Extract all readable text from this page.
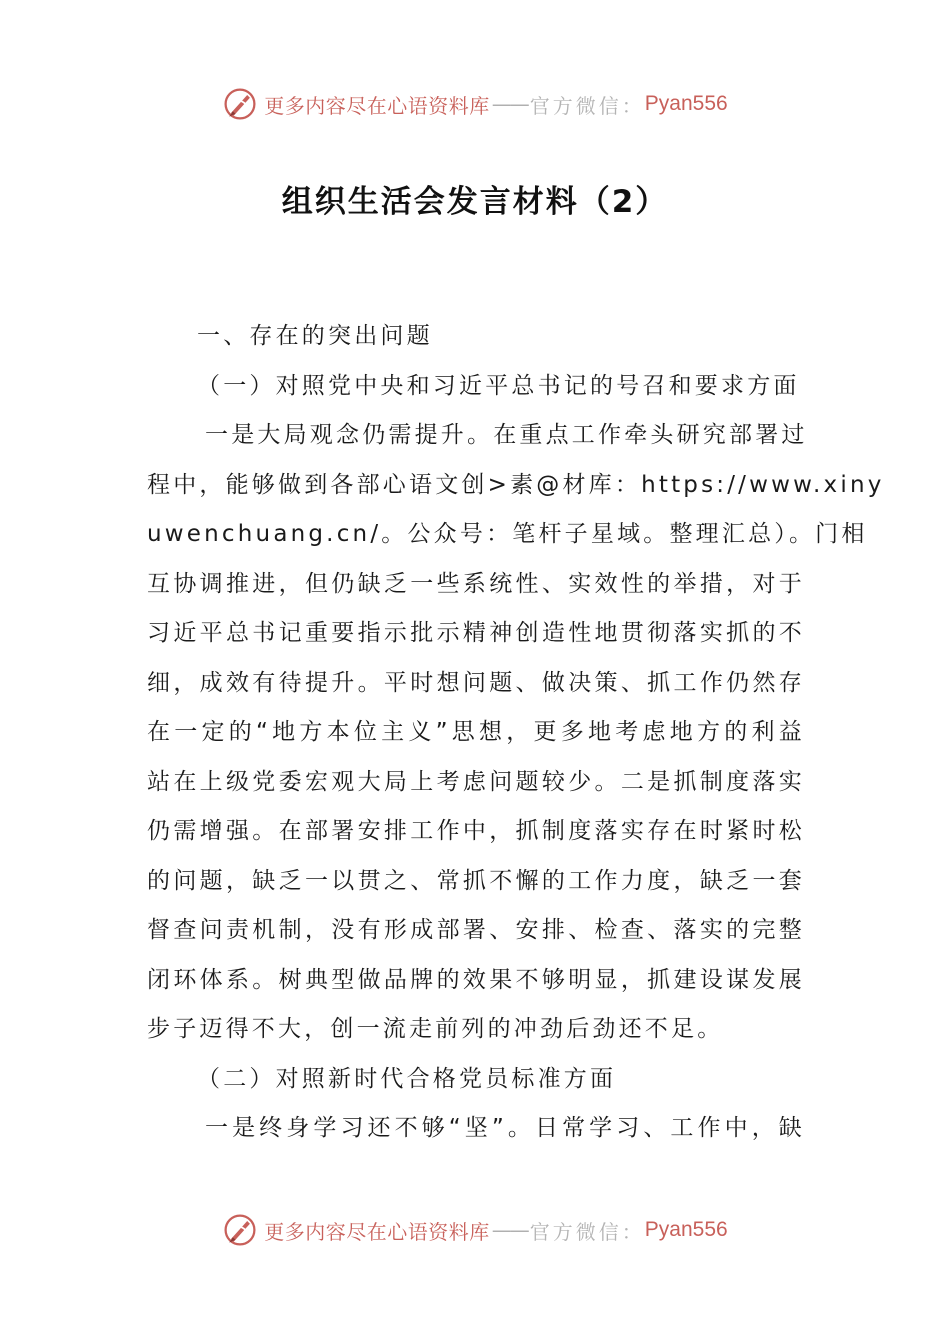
更多内容尽在心语资料库 —— 官方微信： Pyan556
组织生活会发言材料（2）
一、存在的突出问题
（一）对照党中央和习近平总书记的号召和要求方面
一是大局观念仍需提升。在重点工作牵头研究部署过
程中，能够做到各部心语文创>素@材库：https://www.xiny
uwenchuang.cn/。公众号：笔杆子星域。整理汇总）。门相
互协调推进，但仍缺乏一些系统性、实效性的举措，对于
习近平总书记重要指示批示精神创造性地贯彻落实抓的不
细，成效有待提升。平时想问题、做决策、抓工作仍然存
在一定的“地方本位主义”思想，更多地考虑地方的利益
站在上级党委宏观大局上考虑问题较少。二是抓制度落实
仍需增强。在部署安排工作中，抓制度落实存在时紧时松
的问题，缺乏一以贯之、常抓不懈的工作力度，缺乏一套
督查问责机制，没有形成部署、安排、检查、落实的完整
闭环体系。树典型做品牌的效果不够明显，抓建设谋发展
步子迈得不大，创一流走前列的冲劲后劲还不足。
（二）对照新时代合格党员标准方面
一是终身学习还不够“坚”。日常学习、工作中，缺
更多内容尽在心语资料库 —— 官方微信： Pyan556
